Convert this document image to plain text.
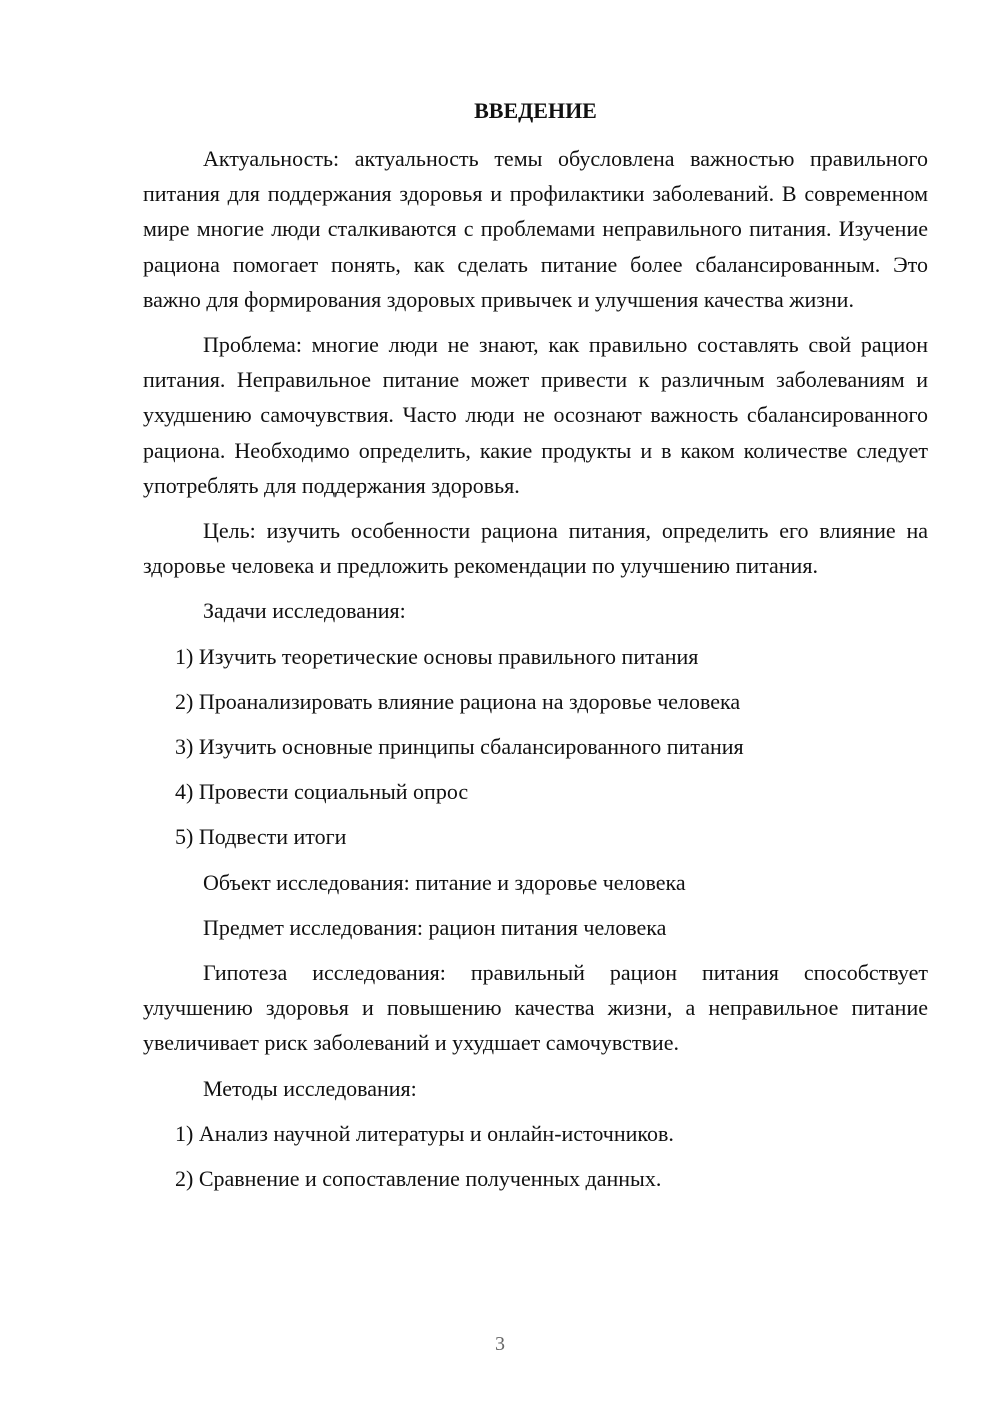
ВВЕДЕНИЕ

Актуальность: актуальность темы обусловлена важностью правильного питания для поддержания здоровья и профилактики заболеваний. В современном мире многие люди сталкиваются с проблемами неправильного питания. Изучение рациона помогает понять, как сделать питание более сбалансированным. Это важно для формирования здоровых привычек и улучшения качества жизни.

Проблема: многие люди не знают, как правильно составлять свой рацион питания. Неправильное питание может привести к различным заболеваниям и ухудшению самочувствия. Часто люди не осознают важность сбалансированного рациона. Необходимо определить, какие продукты и в каком количестве следует употреблять для поддержания здоровья.

Цель: изучить особенности рациона питания, определить его влияние на здоровье человека и предложить рекомендации по улучшению питания.

Задачи исследования:
1) Изучить теоретические основы правильного питания
2) Проанализировать влияние рациона на здоровье человека
3) Изучить основные принципы сбалансированного питания
4) Провести социальный опрос
5) Подвести итоги
Объект исследования: питание и здоровье человека
Предмет исследования: рацион питания человека

Гипотеза исследования: правильный рацион питания способствует улучшению здоровья и повышению качества жизни, а неправильное питание увеличивает риск заболеваний и ухудшает самочувствие.

Методы исследования:
1) Анализ научной литературы и онлайн-источников.
2) Сравнение и сопоставление полученных данных.
3
